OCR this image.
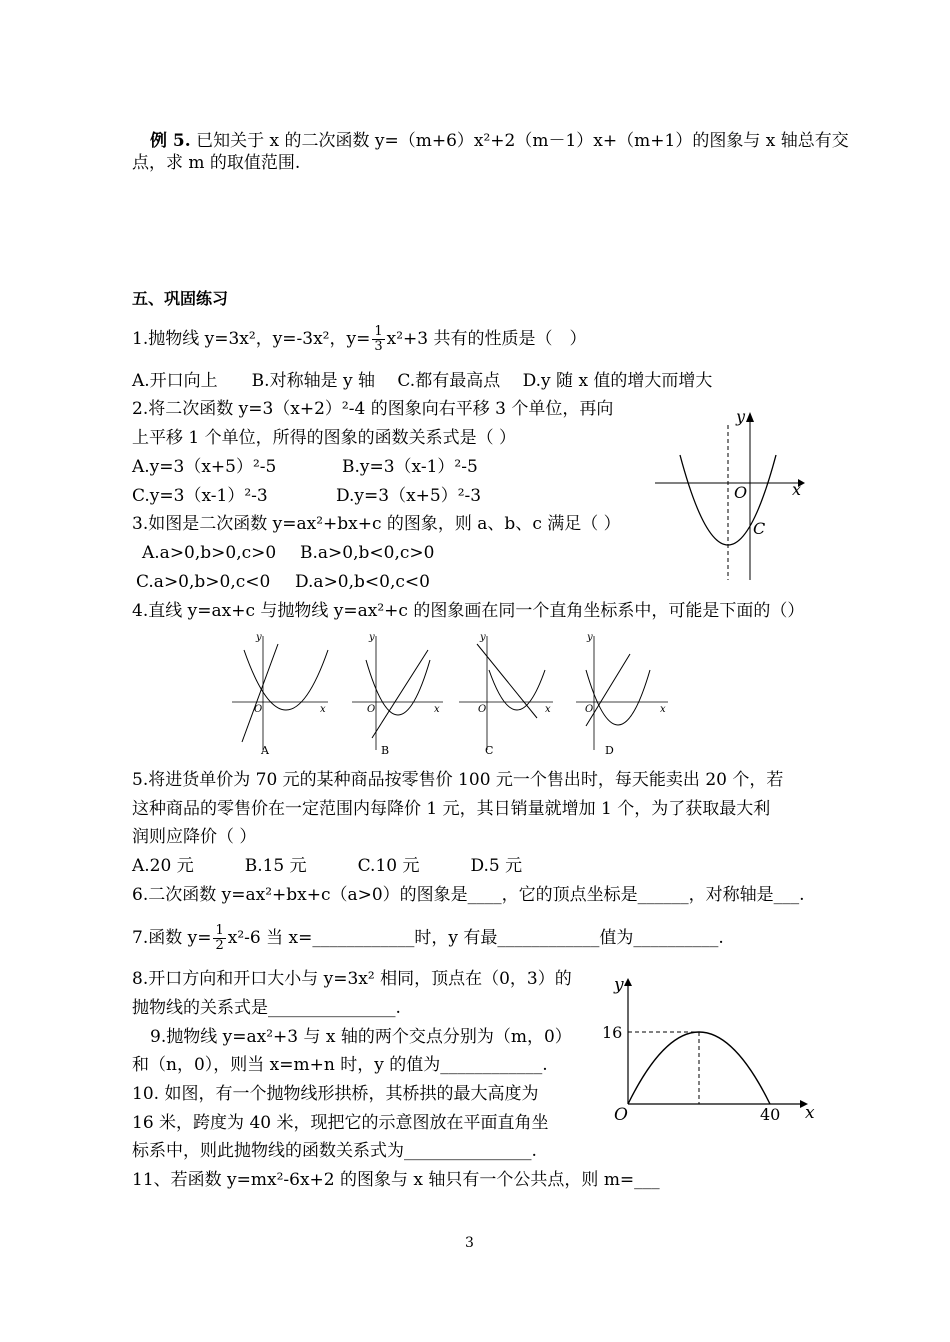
例 5. 已知关于 x 的二次函数 y=（m+6）x²+2（m－1）x+（m+1）的图象与 x 轴总有交
点，求 m 的取值范围.
五、巩固练习
1.抛物线 y=3x²，y=-3x²，$y= \frac{1}{3} x^2+3$ 共有的性质是（　）
A.开口向上　　B.对称轴是 y 轴　 C.都有最高点　 D.y 随 x 值的增大而增大
2.将二次函数 y=3（x+2）²-4 的图象向右平移 3 个单位，再向
上平移 1 个单位，所得的图象的函数关系式是（ ）
A.y=3（x+5）²-5	B.y=3（x-1）²-5
C.y=3（x-1）²-3	D.y=3（x+5）²-3
3.如图是二次函数 y=ax²+bx+c 的图象，则 a、b、c 满足（ ）
A.a>0,b>0,c>0 B.a>0,b<0,c>0
C.a>0,b>0,c<0 D.a>0,b<0,c<0
y
x
O
C
4.直线 y=ax+c 与抛物线 y=ax²+c 的图象画在同一个直角坐标系中，可能是下面的（）
y
x
O
A
y
x
O
B
y
x
O
C
y
x
O
D
5.将进货单价为 70 元的某种商品按零售价 100 元一个售出时，每天能卖出 20 个，若
这种商品的零售价在一定范围内每降价 1 元，其日销量就增加 1 个，为了获取最大利
润则应降价（ ）
A.20 元　　　B.15 元　　　C.10 元　　　D.5 元
6.二次函数 y=ax²+bx+c（a>0）的图象是____，它的顶点坐标是______，对称轴是___.
7.函数 $y= \frac{1}{2} x^2-6$ 当 x=____________时，y 有最____________值为__________.
8.开口方向和开口大小与 y=3x² 相同，顶点在（0，3）的
抛物线的关系式是_______________.
9.抛物线 y=ax²+3 与 x 轴的两个交点分别为（m，0）
和（n，0），则当 x=m+n 时，y 的值为____________.
10. 如图，有一个抛物线形拱桥，其桥拱的最大高度为
16 米，跨度为 40 米，现把它的示意图放在平面直角坐
标系中，则此抛物线的函数关系式为_______________.
y
x
O
16
40
11、若函数 y=mx²-6x+2 的图象与 x 轴只有一个公共点，则 m=___
3
